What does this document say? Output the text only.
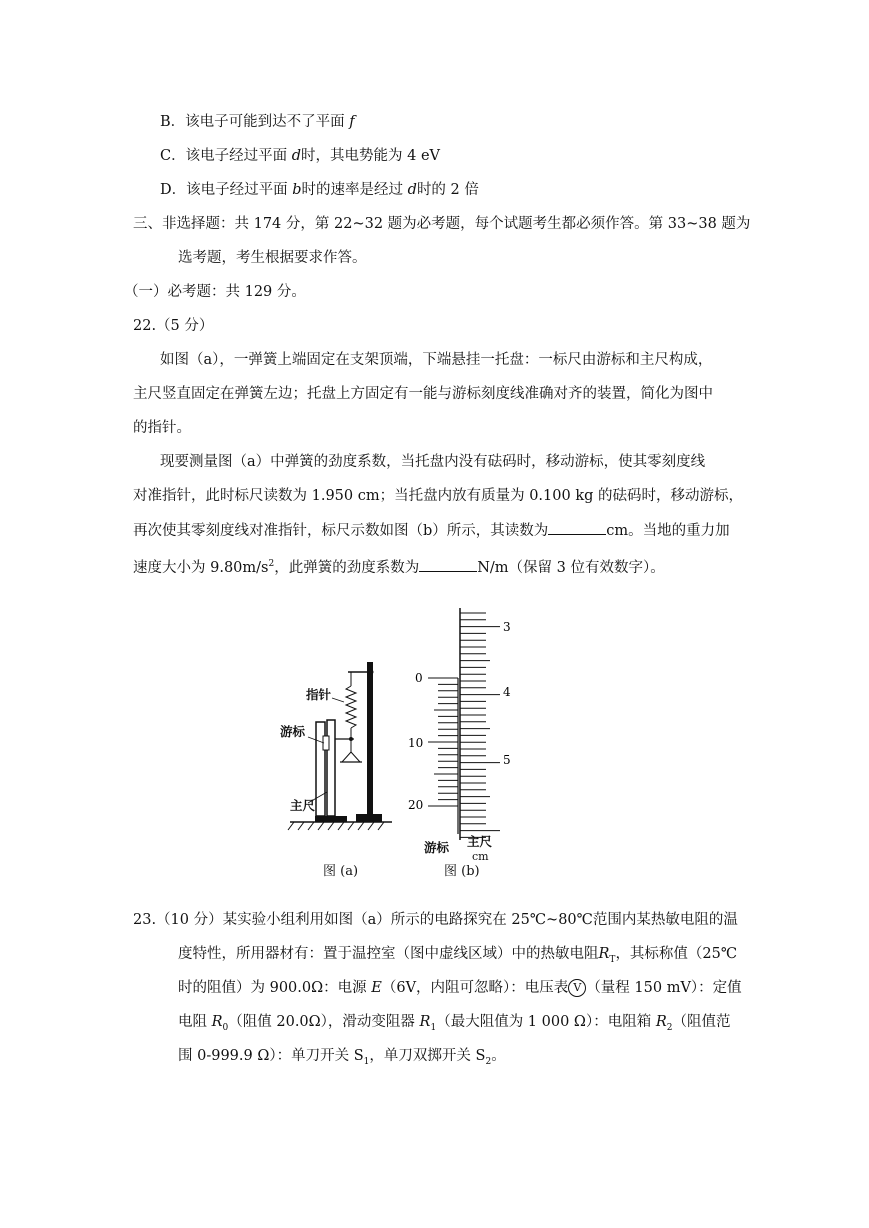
B．该电子可能到达不了平面 f
C．该电子经过平面 d时，其电势能为 4 eV
D．该电子经过平面 b时的速率是经过 d时的 2 倍
三、非选择题：共 174 分，第 22~32 题为必考题，每个试题考生都必须作答。第 33~38 题为
选考题，考生根据要求作答。
（一）必考题：共 129 分。
22.（5 分）
如图（a），一弹簧上端固定在支架顶端，下端悬挂一托盘：一标尺由游标和主尺构成，
主尺竖直固定在弹簧左边；托盘上方固定有一能与游标刻度线准确对齐的装置，简化为图中
的指针。
现要测量图（a）中弹簧的劲度系数，当托盘内没有砝码时，移动游标，使其零刻度线
对准指针，此时标尺读数为 1.950 cm；当托盘内放有质量为 0.100 kg 的砝码时，移动游标，
再次使其零刻度线对准指针，标尺示数如图（b）所示，其读数为	cm。当地的重力加
速度大小为 $9.80m/s^2$，此弹簧的劲度系数为	N/m（保留 3 位有效数字）。
指针
游标
主尺
图 (a)
3
4
5
0
10
20
主尺
cm
游标
图 (b)
23.（10 分）某实验小组利用如图（a）所示的电路探究在 25℃~80℃范围内某热敏电阻的温
度特性，所用器材有：置于温控室（图中虚线区域）中的热敏电阻$R_T$，其标称值（25℃
时的阻值）为 900.0Ω：电源 E（6V，内阻可忽略）：电压表 V （量程 150 mV）：定值
电阻 $R_0$（阻值 20.0Ω），滑动变阻器 $R_1$（最大阻值为 1 000 Ω）：电阻箱 $R_2$（阻值范
围 0-999.9 Ω）：单刀开关 $S_1$，单刀双掷开关 $S_2$。
